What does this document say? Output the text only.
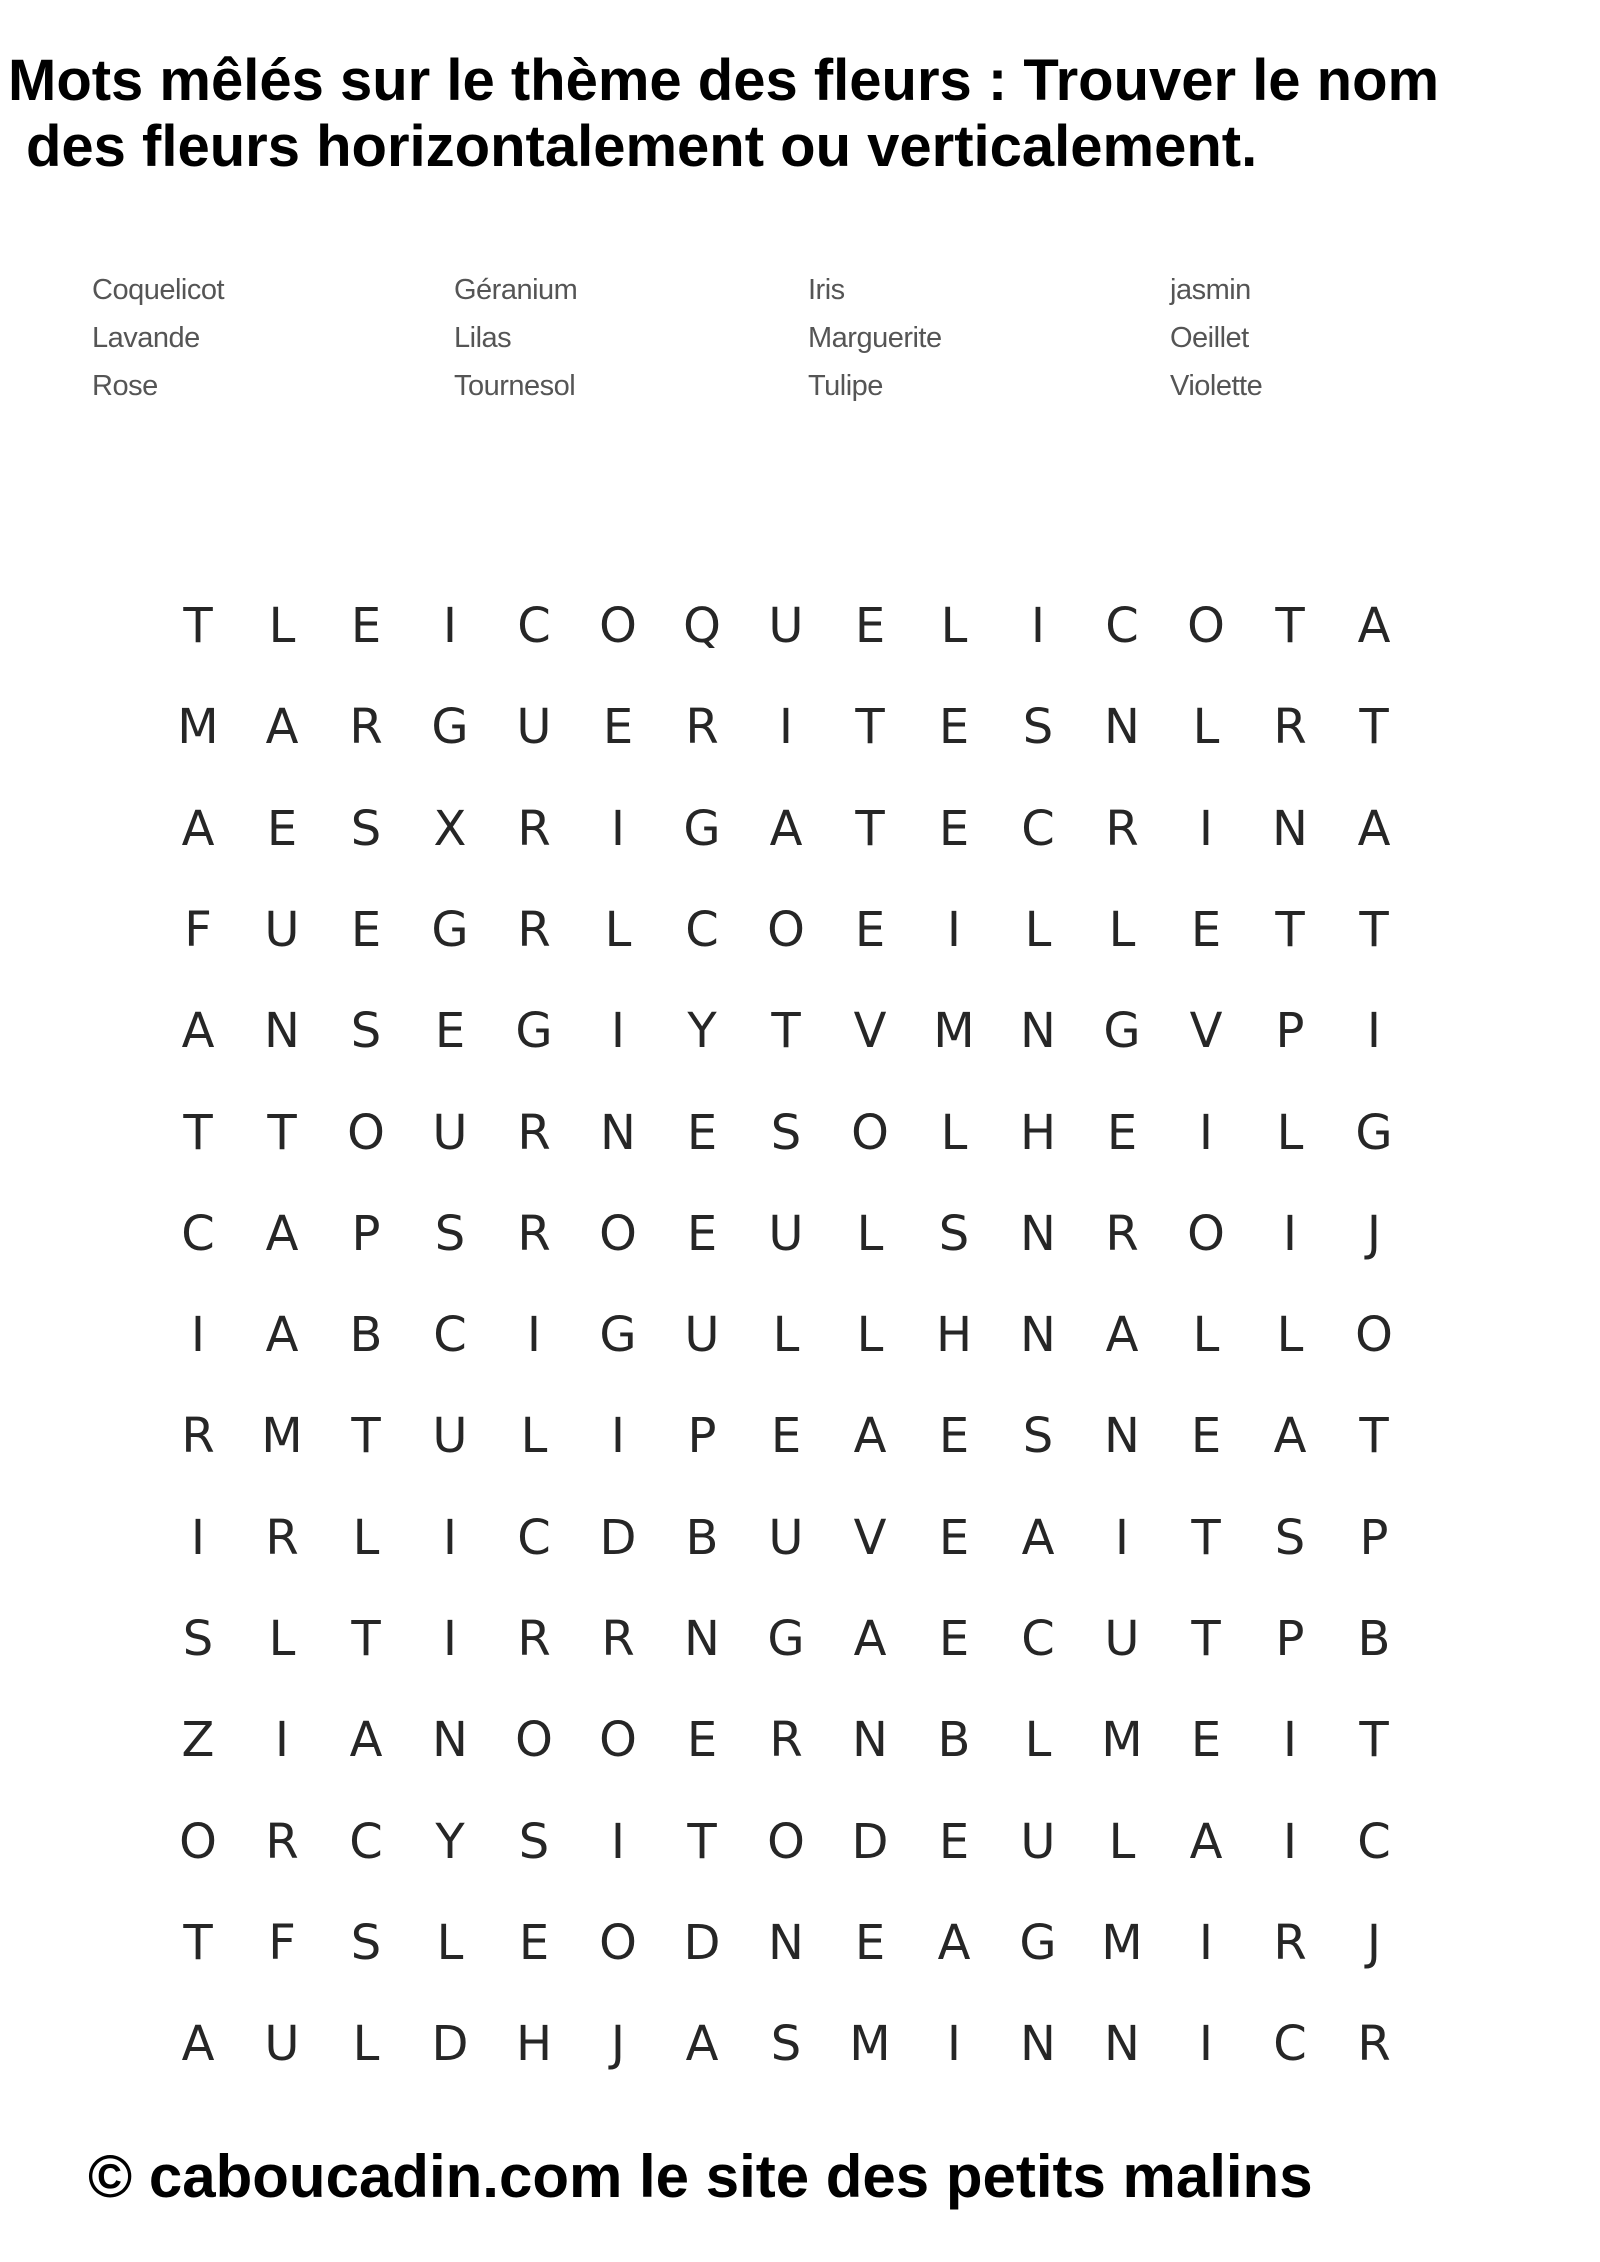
Mots mêlés sur le thème des fleurs : Trouver le nom
des fleurs horizontalement ou verticalement.
Coquelicot	Géranium	Iris	jasmin
Lavande	Lilas	Marguerite	Oeillet
Rose	Tournesol	Tulipe	Violette
T	L	E	I	C O Q U	E	L	I	C O	T	A
M A R G U	E	R	I	T	E	S	N	L	R	T
A	E	S	X R	I	G A	T	E	C R	I	N A
F	U	E	G R	L	C O	E	I	L	L	E	T	T
A N	S	E	G	I	Y	T	V M N G V	P	I
T	T	O U R N	E	S	O	L	H	E	I	L	G
C A	P	S	R O	E	U	L	S	N R O	I	J
I	A B C	I	G U	L	L	H N A	L	L	O
R M	T	U	L	I	P	E	A	E	S	N	E	A	T
I	R	L	I	C D B U V	E	A	I	T	S	P
S	L	T	I	R R N G A	E	C U	T	P	B
Z	I	A N O O	E	R N B	L	M	E	I	T
O R C	Y	S	I	T	O D	E	U	L	A	I	C
T	F	S	L	E	O D N	E	A G M	I	R	J
A U	L	D H	J	A	S	M	I	N N	I	C R
© caboucadin.com le site des petits malins
